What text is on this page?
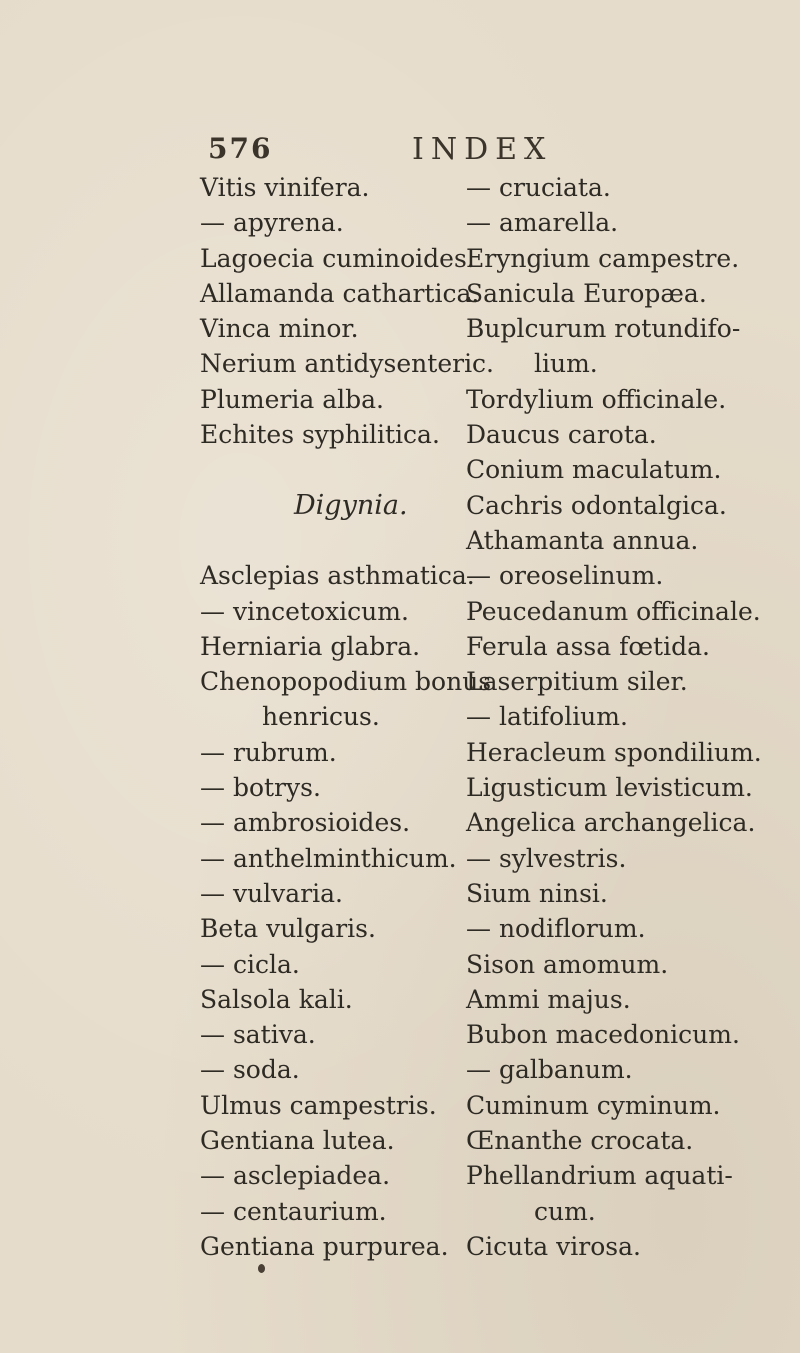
576	INDEX
Vitis vinifera.
— apyrena.
Lagoecia cuminoides.
Allamanda cathartica.
Vinca minor.
Nerium antidysenteric.
Plumeria alba.
Echites syphilitica.
Digynia.
Asclepias asthmatica.
— vincetoxicum.
Herniaria glabra.
Chenopopodium bonus
henricus.
— rubrum.
— botrys.
— ambrosioides.
— anthelminthicum.
— vulvaria.
Beta vulgaris.
— cicla.
Salsola kali.
— sativa.
— soda.
Ulmus campestris.
Gentiana lutea.
— asclepiadea.
— centaurium.
Gentiana purpurea.
— cruciata.
— amarella.
Eryngium campestre.
Sanicula Europæa.
Buplcurum rotundifo-
lium.
Tordylium officinale.
Daucus carota.
Conium maculatum.
Cachris odontalgica.
Athamanta annua.
— oreoselinum.
Peucedanum officinale.
Ferula assa fœtida.
Laserpitium siler.
— latifolium.
Heracleum spondilium.
Ligusticum levisticum.
Angelica archangelica.
— sylvestris.
Sium ninsi.
— nodiflorum.
Sison amomum.
Ammi majus.
Bubon macedonicum.
— galbanum.
Cuminum cyminum.
Œnanthe crocata.
Phellandrium aquati-
cum.
Cicuta virosa.
